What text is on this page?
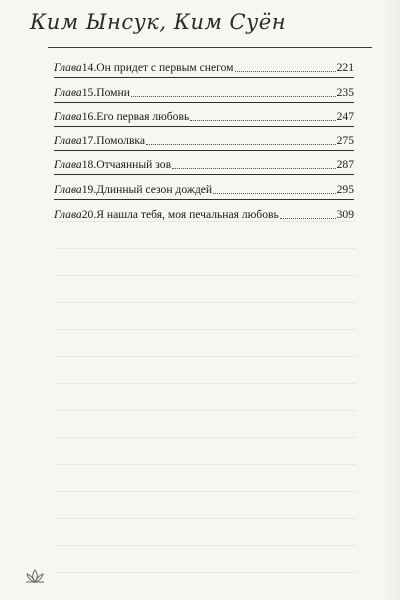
Ким Ынсук, Ким Суён
Глава 14. Он придет с первым снегом	221
Глава 15. Помни	235
Глава 16. Его первая любовь	247
Глава 17. Помолвка	275
Глава 18. Отчаянный зов	287
Глава 19. Длинный сезон дождей	295
Глава 20. Я нашла тебя, моя печальная любовь	309
